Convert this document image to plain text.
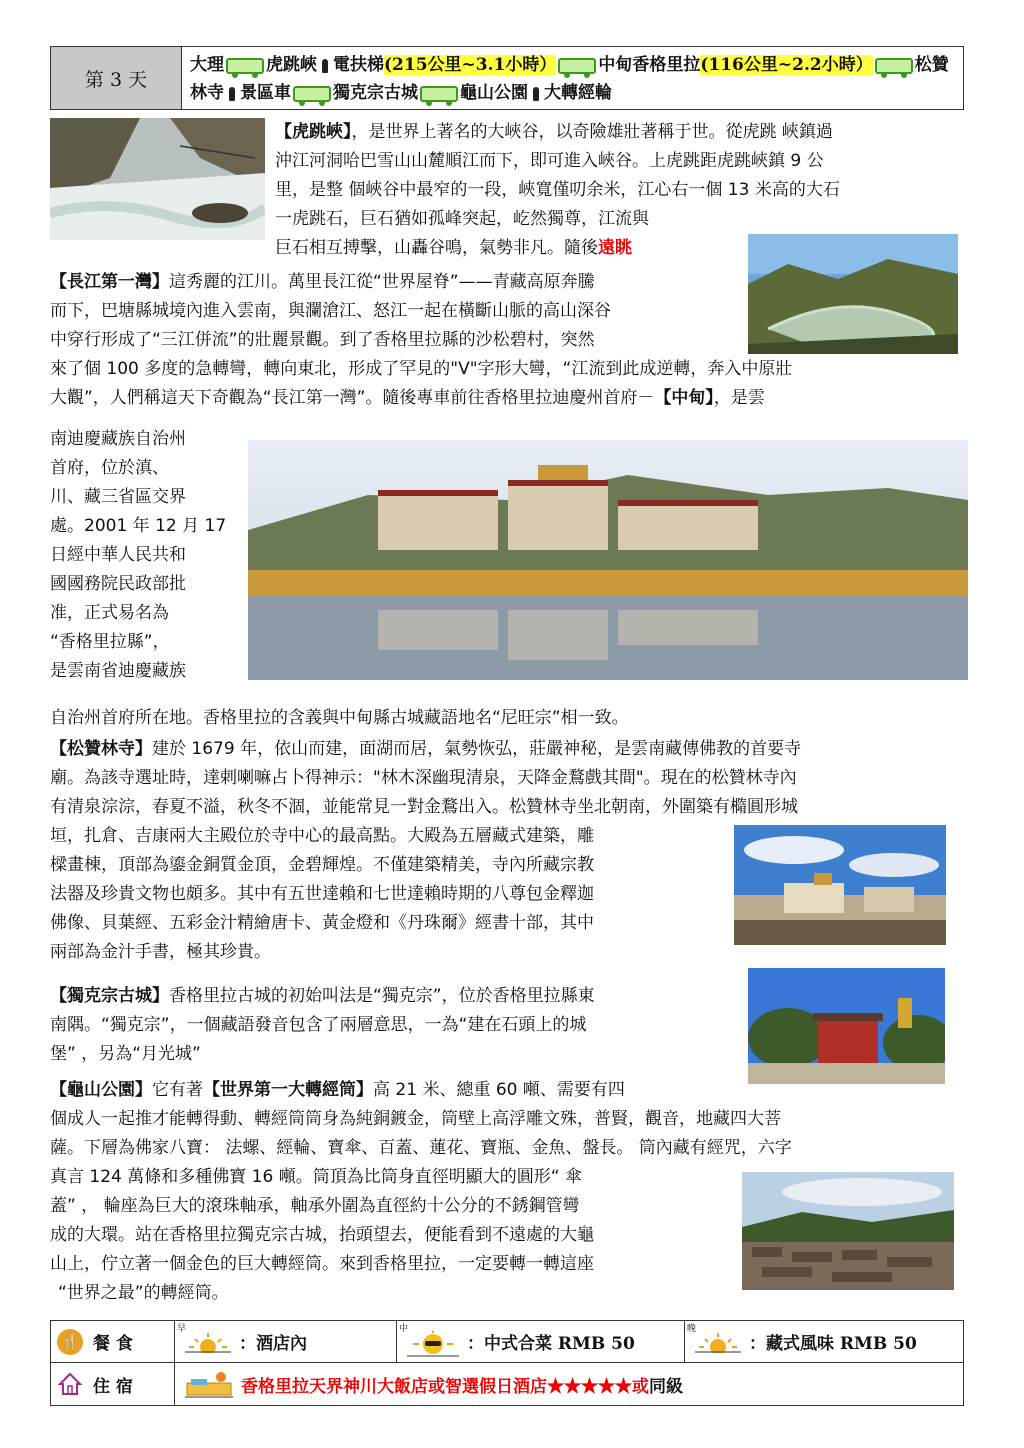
第 3 天
大理 虎跳峽 電扶梯(215公里~3.1小時） 中甸香格里拉(116公里~2.2小時） 松贊林寺 景區車 獨克宗古城 龜山公園 大轉經輪
【虎跳峽】，是世界上著名的大峽谷，以奇險雄壯著稱于世。從虎跳 峽鎮過
沖江河洞哈巴雪山山麓順江而下，即可進入峽谷。上虎跳距虎跳峽鎮 9 公
里，是整 個峽谷中最窄的一段，峽寬僅叨余米，江心右一個 13 米高的大石
一虎跳石，巨石猶如孤峰突起，屹然獨尊，江流與
巨石相互搏擊，山轟谷鳴，氣勢非凡。隨後遠眺
【長江第一灣】這秀麗的江川。萬里長江從“世界屋脊”——青藏高原奔騰
而下，巴塘縣城境內進入雲南，與瀾滄江、怒江一起在橫斷山脈的高山深谷
中穿行形成了“三江併流”的壯麗景觀。到了香格里拉縣的沙松碧村，突然
來了個 100 多度的急轉彎，轉向東北，形成了罕見的"V"字形大彎，“江流到此成逆轉，奔入中原壯
大觀”，人們稱這天下奇觀為“長江第一灣”。隨後專車前往香格里拉迪慶州首府－【中甸】，是雲
南迪慶藏族自治州
首府，位於滇、
川、藏三省區交界
處。2001 年 12 月 17
日經中華人民共和
國國務院民政部批
准，正式易名為
“香格里拉縣”，
是雲南省迪慶藏族
自治州首府所在地。香格里拉的含義與中甸縣古城藏語地名“尼旺宗”相一致。
【松贊林寺】建於 1679 年，依山而建，面湖而居，氣勢恢弘，莊嚴神秘，是雲南藏傳佛教的首要寺
廟。為該寺選址時，達剌喇嘛占卜得神示："林木深幽現清泉，天降金鶩戲其間"。現在的松贊林寺內
有清泉淙淙，春夏不溢，秋冬不涸，並能常見一對金鶩出入。松贊林寺坐北朝南，外圍築有橢圓形城
垣，扎倉、吉康兩大主殿位於寺中心的最高點。大殿為五層藏式建築，雕
樑畫棟，頂部為鎏金銅質金頂，金碧輝煌。不僅建築精美，寺內所藏宗教
法器及珍貴文物也頗多。其中有五世達賴和七世達賴時期的八尊包金釋迦
佛像、貝葉經、五彩金汁精繪唐卡、黃金燈和《丹珠爾》經書十部，其中
兩部為金汁手書，極其珍貴。
【獨克宗古城】香格里拉古城的初始叫法是“獨克宗”，位於香格里拉縣東
南隅。“獨克宗”，一個藏語發音包含了兩層意思，一為“建在石頭上的城
堡” ，另為“月光城”
【龜山公園】它有著【世界第一大轉經筒】高 21 米、總重 60 噸、需要有四
個成人一起推才能轉得動、轉經筒筒身為純銅鍍金，筒壁上高浮雕文殊，普賢，觀音，地藏四大菩
薩。下層為佛家八寶： 法螺、經輪、寶傘、百蓋、蓮花、寶瓶、金魚、盤長。 筒內藏有經咒，六字
真言 124 萬條和多種佛寶 16 噸。筒頂為比筒身直徑明顯大的圓形“ 傘
蓋” ， 輪座為巨大的滾珠軸承，軸承外圍為直徑約十公分的不銹鋼管彎
成的大環。站在香格里拉獨克宗古城，抬頭望去，便能看到不遠處的大龜
山上，佇立著一個金色的巨大轉經筒。來到香格里拉，一定要轉一轉這座
“世界之最”的轉經筒。
🍴 餐 食
早
：酒店內
中
：中式合菜 RMB 50
晚
：藏式風味 RMB 50
住 宿	香格里拉天界神川大飯店或智選假日酒店★★★★★ 或 同級
